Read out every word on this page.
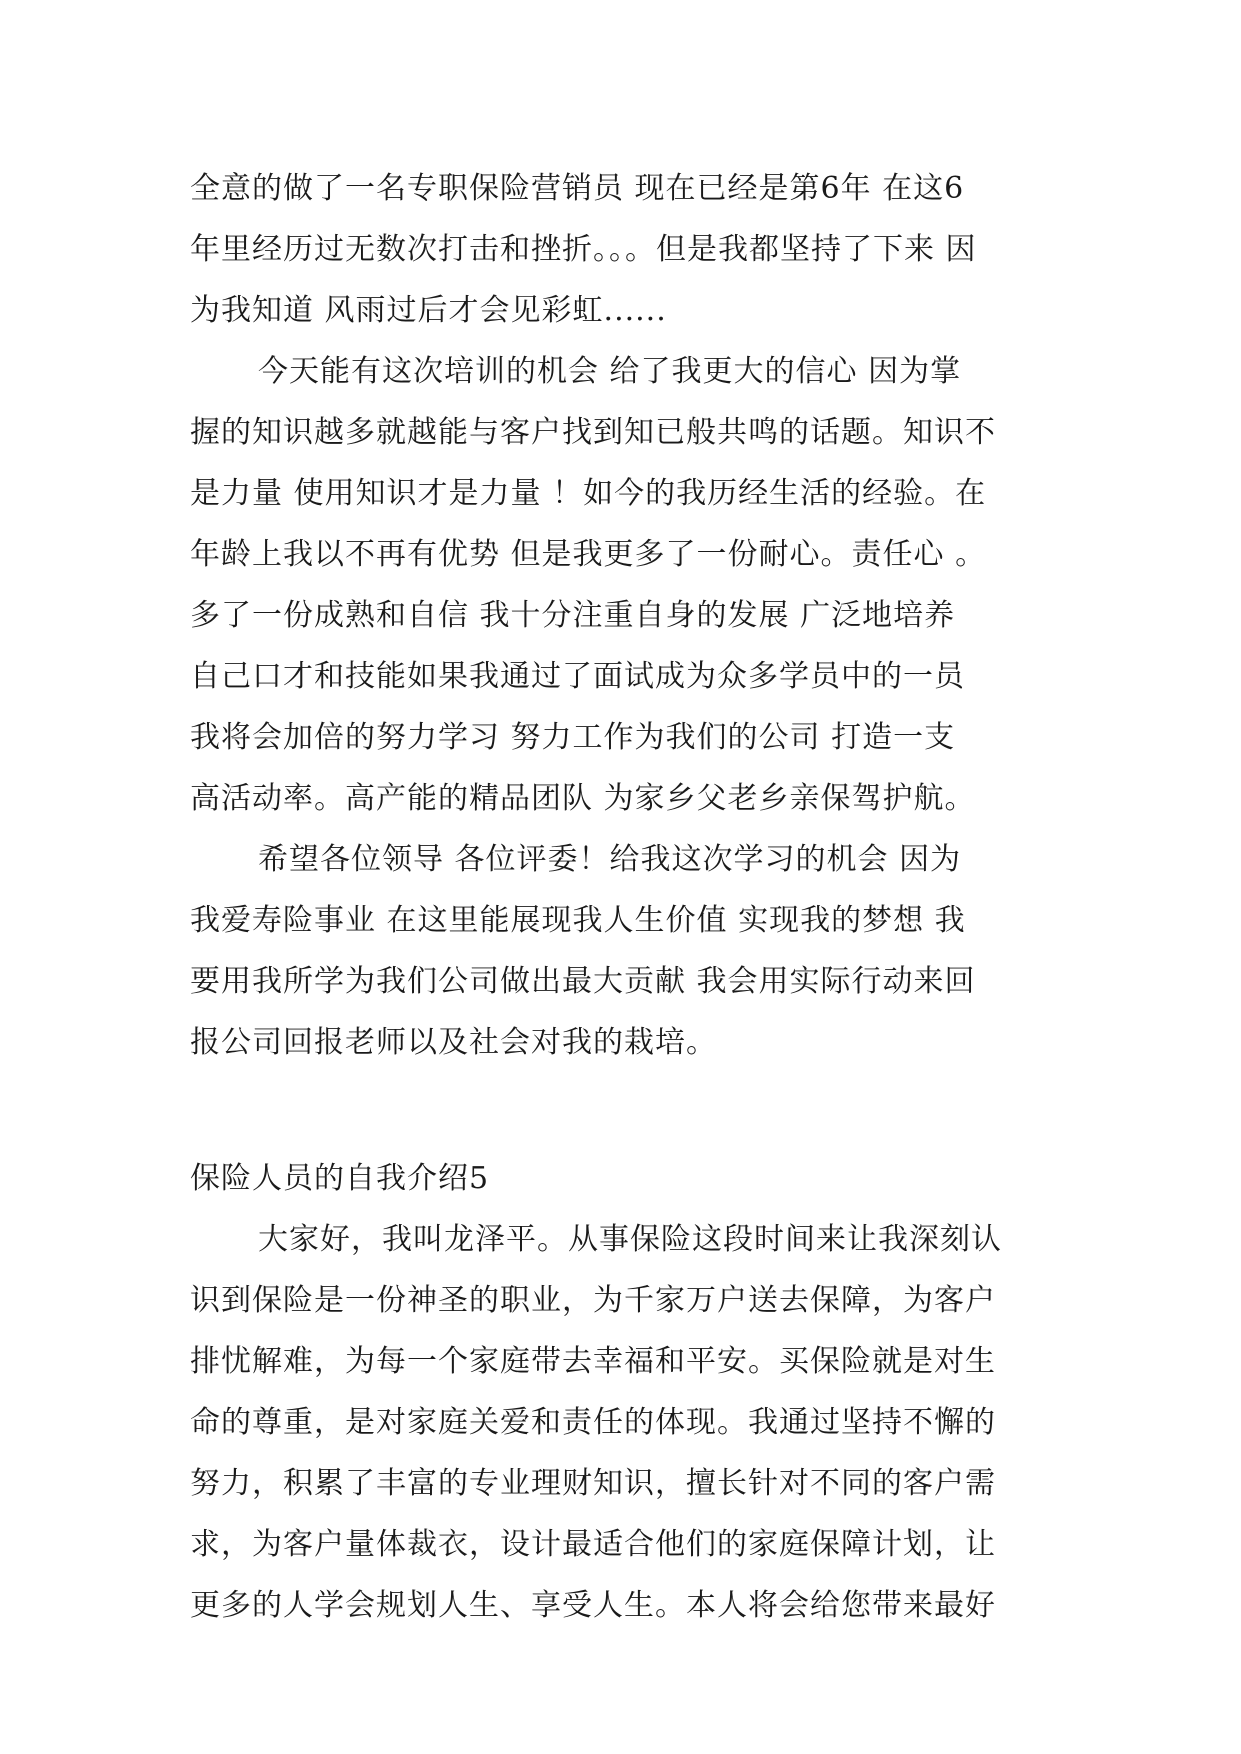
全意的做了一名专职保险营销员 现在已经是第6年 在这6
年里经历过无数次打击和挫折。。。但是我都坚持了下来 因
为我知道 风雨过后才会见彩虹......
今天能有这次培训的机会 给了我更大的信心 因为掌
握的知识越多就越能与客户找到知已般共鸣的话题。知识不
是力量 使用知识才是力量 ！如今的我历经生活的经验。在
年龄上我以不再有优势 但是我更多了一份耐心。责任心 。
多了一份成熟和自信 我十分注重自身的发展 广泛地培养
自己口才和技能如果我通过了面试成为众多学员中的一员
我将会加倍的努力学习 努力工作为我们的公司 打造一支
高活动率。高产能的精品团队 为家乡父老乡亲保驾护航。
希望各位领导 各位评委！给我这次学习的机会 因为
我爱寿险事业 在这里能展现我人生价值 实现我的梦想 我
要用我所学为我们公司做出最大贡献 我会用实际行动来回
报公司回报老师以及社会对我的栽培。
保险人员的自我介绍5
大家好，我叫龙泽平。从事保险这段时间来让我深刻认
识到保险是一份神圣的职业，为千家万户送去保障，为客户
排忧解难，为每一个家庭带去幸福和平安。买保险就是对生
命的尊重，是对家庭关爱和责任的体现。我通过坚持不懈的
努力，积累了丰富的专业理财知识，擅长针对不同的客户需
求，为客户量体裁衣，设计最适合他们的家庭保障计划，让
更多的人学会规划人生、享受人生。本人将会给您带来最好
